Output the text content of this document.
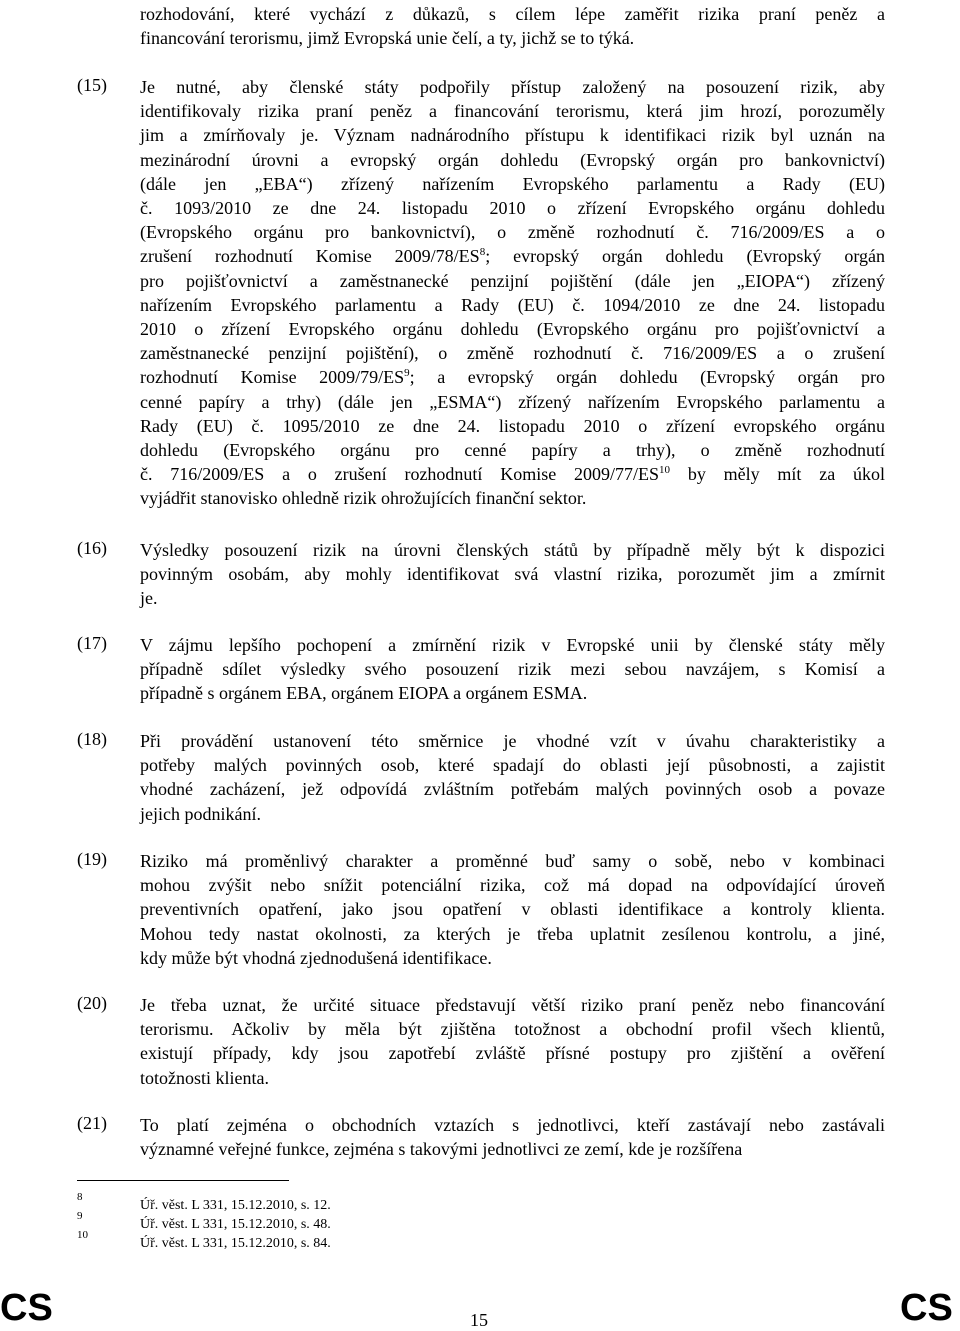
rozhodování, které vychází z důkazů, s cílem lépe zaměřit rizika praní peněz a
financování terorismu, jimž Evropská unie čelí, a ty, jichž se to týká.
(15) Je nutné, aby členské státy podpořily přístup založený na posouzení rizik, aby
identifikovaly rizika praní peněz a financování terorismu, která jim hrozí, porozuměly
jim a zmírňovaly je. Význam nadnárodního přístupu k identifikaci rizik byl uznán na
mezinárodní úrovni a evropský orgán dohledu (Evropský orgán pro bankovnictví)
(dále jen „EBA“) zřízený nařízením Evropského parlamentu a Rady (EU)
č. 1093/2010 ze dne 24. listopadu 2010 o zřízení Evropského orgánu dohledu
(Evropského orgánu pro bankovnictví), o změně rozhodnutí č. 716/2009/ES a o
zrušení rozhodnutí Komise $2009/78/ES^8$; evropský orgán dohledu (Evropský orgán
pro pojišťovnictví a zaměstnanecké penzijní pojištění (dále jen „EIOPA“) zřízený
nařízením Evropského parlamentu a Rady (EU) č. 1094/2010 ze dne 24. listopadu
2010 o zřízení Evropského orgánu dohledu (Evropského orgánu pro pojišťovnictví a
zaměstnanecké penzijní pojištění), o změně rozhodnutí č. 716/2009/ES a o zrušení
rozhodnutí Komise $2009/79/ES^9$; a evropský orgán dohledu (Evropský orgán pro
cenné papíry a trhy) (dále jen „ESMA“) zřízený nařízením Evropského parlamentu a
Rady (EU) č. 1095/2010 ze dne 24. listopadu 2010 o zřízení evropského orgánu
dohledu (Evropského orgánu pro cenné papíry a trhy), o změně rozhodnutí
č. 716/2009/ES a o zrušení rozhodnutí Komise 2009/77/ES$^{10}$ by měly mít za úkol
vyjádřit stanovisko ohledně rizik ohrožujících finanční sektor.
(16) Výsledky posouzení rizik na úrovni členských států by případně měly být k dispozici
povinným osobám, aby mohly identifikovat svá vlastní rizika, porozumět jim a zmírnit
je.
(17) V zájmu lepšího pochopení a zmírnění rizik v Evropské unii by členské státy měly
případně sdílet výsledky svého posouzení rizik mezi sebou navzájem, s Komisí a
případně s orgánem EBA, orgánem EIOPA a orgánem ESMA.
(18) Při provádění ustanovení této směrnice je vhodné vzít v úvahu charakteristiky a
potřeby malých povinných osob, které spadají do oblasti její působnosti, a zajistit
vhodné zacházení, jež odpovídá zvláštním potřebám malých povinných osob a povaze
jejich podnikání.
(19) Riziko má proměnlivý charakter a proměnné buď samy o sobě, nebo v kombinaci
mohou zvýšit nebo snížit potenciální rizika, což má dopad na odpovídající úroveň
preventivních opatření, jako jsou opatření v oblasti identifikace a kontroly klienta.
Mohou tedy nastat okolnosti, za kterých je třeba uplatnit zesílenou kontrolu, a jiné,
kdy může být vhodná zjednodušená identifikace.
(20) Je třeba uznat, že určité situace představují větší riziko praní peněz nebo financování
terorismu. Ačkoliv by měla být zjištěna totožnost a obchodní profil všech klientů,
existují případy, kdy jsou zapotřebí zvláště přísné postupy pro zjištění a ověření
totožnosti klienta.
(21) To platí zejména o obchodních vztazích s jednotlivci, kteří zastávají nebo zastávali
významné veřejné funkce, zejména s takovými jednotlivci ze zemí, kde je rozšířena
8
Úř. věst. L 331, 15.12.2010, s. 12.
9
Úř. věst. L 331, 15.12.2010, s. 48.
10
Úř. věst. L 331, 15.12.2010, s. 84.
CS	15	CS
